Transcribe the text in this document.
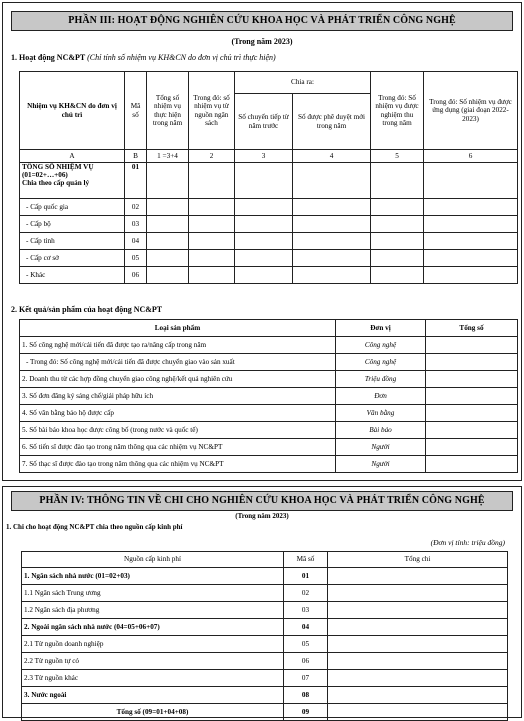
PHẦN III: HOẠT ĐỘNG NGHIÊN CỨU KHOA HỌC VÀ PHÁT TRIỂN CÔNG NGHỆ
(Trong năm 2023)
1. Hoạt động NC&PT (Chỉ tính số nhiệm vụ KH&CN do đơn vị chủ trì thực hiện)
Nhiệm vụ KH&CN do đơn vị chủ trì	Mã số	Tổng số nhiệm vụ thực hiện trong năm	Trong đó: số nhiệm vụ từ nguồn ngân sách	Chia ra:		Trong đó: Số nhiệm vụ được nghiệm thu trong năm	Trong đó: Số nhiệm vụ được ứng dụng (giai đoạn 2022-2023)
				Số chuyển tiếp từ năm trước	Số được phê duyệt mới trong năm		
A	B	1 =3+4	2	3	4	5	6

TỔNG SỐ NHIỆM VỤ (01=02+…+06)
Chia theo cấp quản lý	01						
- Cấp quốc gia	02						
- Cấp bộ	03						
- Cấp tỉnh	04						
- Cấp cơ sở	05						
- Khác	06						
2. Kết quả/sản phẩm của hoạt động NC&PT
Loại sản phẩm	Đơn vị	Tổng số
1. Số công nghệ mới/cải tiến đã được tạo ra/nâng cấp trong năm	Công nghệ	
- Trong đó: Số công nghệ mới/cải tiến đã được chuyển giao vào sản xuất	Công nghệ	
2. Doanh thu từ các hợp đồng chuyển giao công nghệ/kết quả nghiên cứu	Triệu đồng	
3. Số đơn đăng ký sáng chế/giải pháp hữu ích	Đơn	
4. Số văn bằng bảo hộ được cấp	Văn bằng	
5. Số bài báo khoa học được công bố (trong nước và quốc tế)	Bài báo	
6. Số tiến sĩ được đào tạo trong năm thông qua các nhiệm vụ NC&PT	Người	
7. Số thạc sĩ được đào tạo trong năm thông qua các nhiệm vụ NC&PT	Người	
PHẦN IV: THÔNG TIN VỀ CHI CHO NGHIÊN CỨU KHOA HỌC VÀ PHÁT TRIỂN CÔNG NGHỆ
(Trong năm 2023)
1. Chi cho hoạt động NC&PT chia theo nguồn cấp kinh phí
(Đơn vị tính: triệu đồng)
Nguồn cấp kinh phí	Mã số	Tổng chi
1. Ngân sách nhà nước (01=02+03)	01	
1.1 Ngân sách Trung ương	02	
1.2 Ngân sách địa phương	03	
2. Ngoài ngân sách nhà nước (04=05+06+07)	04	
2.1 Từ nguồn doanh nghiệp	05	
2.2 Từ nguồn tự có	06	
2.3 Từ nguồn khác	07	
3. Nước ngoài	08	
Tổng số (09=01+04+08)	09	
